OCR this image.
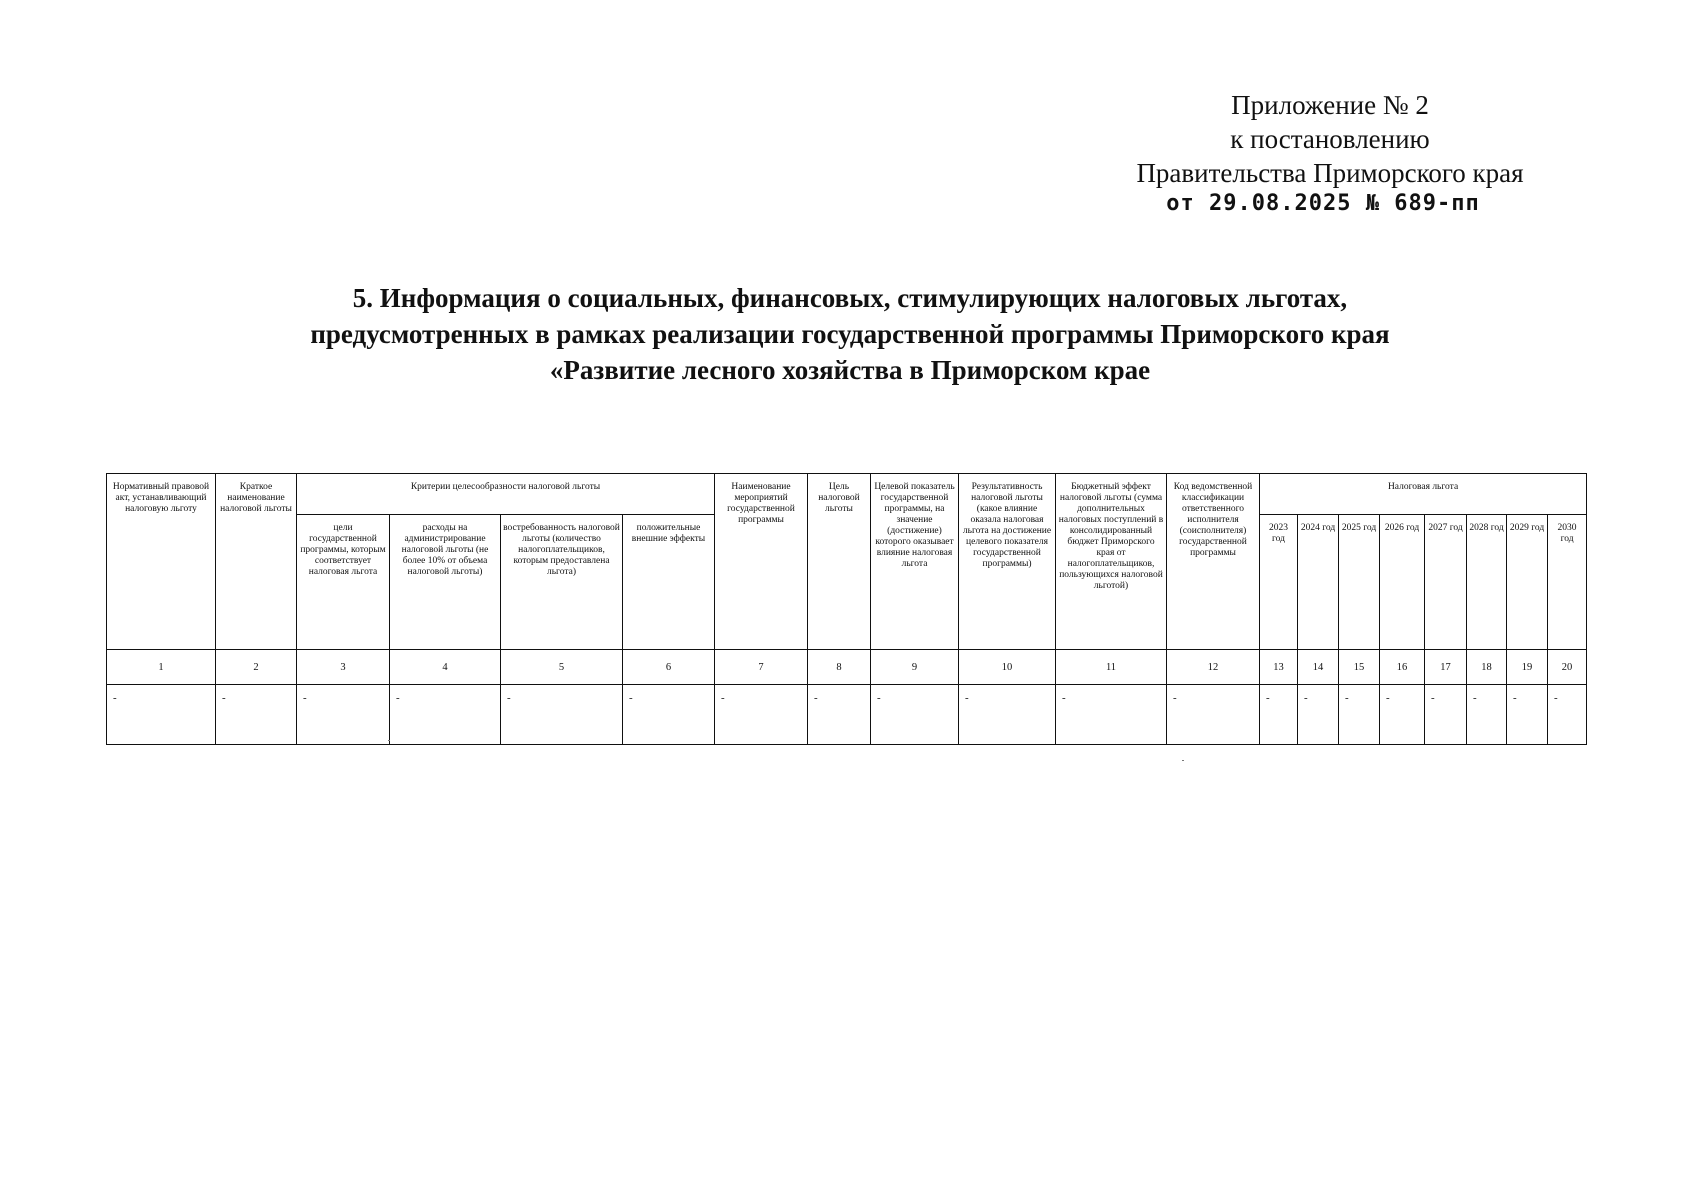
Приложение № 2
к постановлению
Правительства Приморского края
от 29.08.2025 № 689-пп
5. Информация о социальных, финансовых, стимулирующих налоговых льготах,
предусмотренных в рамках реализации государственной программы Приморского края
«Развитие лесного хозяйства в Приморском крае
Нормативный правовой акт, устанавливающий налоговую льготу	Краткое наименование налоговой льготы	Критерии целесообразности налоговой льготы				Наименование мероприятий государственной программы	Цель налоговой льготы	Целевой показатель государственной программы, на значение (достижение) которого оказывает влияние налоговая льгота	Результативность налоговой льготы (какое влияние оказала налоговая льгота на достижение целевого показателя государственной программы)	Бюджетный эффект налоговой льготы (сумма дополнительных налоговых поступлений в консолидированный бюджет Приморского края от налогоплательщиков, пользующихся налоговой льготой)	Код ведомственной классификации ответственного исполнителя (соисполнителя) государственной программы	Налоговая льгота							
		цели государственной программы, которым соответствует налоговая льгота	расходы на администрирование налоговой льготы (не более 10% от объема налоговой льготы)	востребованность налоговой льготы (количество налогоплательщиков, которым предоставлена льгота)	положительные внешние эффекты							2023 год	2024 год	2025 год	2026 год	2027 год	2028 год	2029 год	2030 год
1	2	3	4	5	6	7	8	9	10	11	12	13	14	15	16	17	18	19	20
-	-	-	-	-	-	-	-	-	-	-	-	-	-	-	-	-	-	-	-
